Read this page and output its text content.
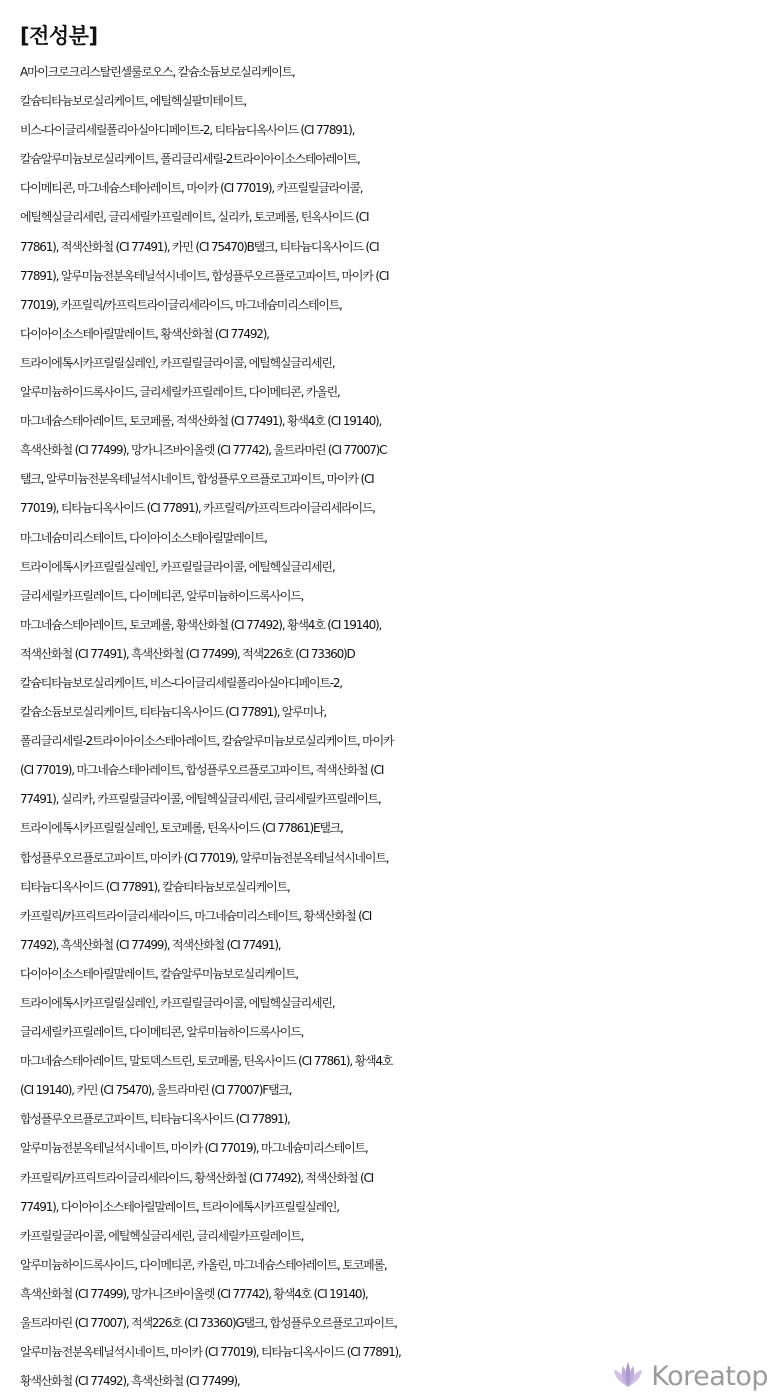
[전성분]
A마이크로크리스탈린셀룰로오스, 칼슘소듐보로실리케이트,
칼슘티타늄보로실리케이트, 에틸헥실팔미테이트,
비스-다이글리세릴폴리아실아디페이트-2, 티타늄디옥사이드 (CI 77891),
칼슘알루미늄보로실리케이트, 폴리글리세릴-2트라이아이소스테아레이트,
다이메티콘, 마그네슘스테아레이트, 마이카 (CI 77019), 카프릴릴글라이콜,
에틸헥실글리세린, 글리세릴카프릴레이트, 실리카, 토코페롤, 틴옥사이드 (CI
77861), 적색산화철 (CI 77491), 카민 (CI 75470)B탤크, 티타늄디옥사이드 (CI
77891), 알루미늄전분옥테닐석시네이트, 합성플루오르플로고파이트, 마이카 (CI
77019), 카프릴릭/카프릭트라이글리세라이드, 마그네슘미리스테이트,
다이아이소스테아릴말레이트, 황색산화철 (CI 77492),
트라이에톡시카프릴릴실레인, 카프릴릴글라이콜, 에틸헥실글리세린,
알루미늄하이드록사이드, 글리세릴카프릴레이트, 다이메티콘, 카올린,
마그네슘스테아레이트, 토코페롤, 적색산화철 (CI 77491), 황색4호 (CI 19140),
흑색산화철 (CI 77499), 망가니즈바이올렛 (CI 77742), 울트라마린 (CI 77007)C
탤크, 알루미늄전분옥테닐석시네이트, 합성플루오르플로고파이트, 마이카 (CI
77019), 티타늄디옥사이드 (CI 77891), 카프릴릭/카프릭트라이글리세라이드,
마그네슘미리스테이트, 다이아이소스테아릴말레이트,
트라이에톡시카프릴릴실레인, 카프릴릴글라이콜, 에틸헥실글리세린,
글리세릴카프릴레이트, 다이메티콘, 알루미늄하이드록사이드,
마그네슘스테아레이트, 토코페롤, 황색산화철 (CI 77492), 황색4호 (CI 19140),
적색산화철 (CI 77491), 흑색산화철 (CI 77499), 적색226호 (CI 73360)D
칼슘티타늄보로실리케이트, 비스-다이글리세릴폴리아실아디페이트-2,
칼슘소듐보로실리케이트, 티타늄디옥사이드 (CI 77891), 알루미나,
폴리글리세릴-2트라이아이소스테아레이트, 칼슘알루미늄보로실리케이트, 마이카
(CI 77019), 마그네슘스테아레이트, 합성플루오르플로고파이트, 적색산화철 (CI
77491), 실리카, 카프릴릴글라이콜, 에틸헥실글리세린, 글리세릴카프릴레이트,
트라이에톡시카프릴릴실레인, 토코페롤, 틴옥사이드 (CI 77861)E탤크,
합성플루오르플로고파이트, 마이카 (CI 77019), 알루미늄전분옥테닐석시네이트,
티타늄디옥사이드 (CI 77891), 칼슘티타늄보로실리케이트,
카프릴릭/카프릭트라이글리세라이드, 마그네슘미리스테이트, 황색산화철 (CI
77492), 흑색산화철 (CI 77499), 적색산화철 (CI 77491),
다이아이소스테아릴말레이트, 칼슘알루미늄보로실리케이트,
트라이에톡시카프릴릴실레인, 카프릴릴글라이콜, 에틸헥실글리세린,
글리세릴카프릴레이트, 다이메티콘, 알루미늄하이드록사이드,
마그네슘스테아레이트, 말토덱스트린, 토코페롤, 틴옥사이드 (CI 77861), 황색4호
(CI 19140), 카민 (CI 75470), 울트라마린 (CI 77007)F탤크,
합성플루오르플로고파이트, 티타늄디옥사이드 (CI 77891),
알루미늄전분옥테닐석시네이트, 마이카 (CI 77019), 마그네슘미리스테이트,
카프릴릭/카프릭트라이글리세라이드, 황색산화철 (CI 77492), 적색산화철 (CI
77491), 다이아이소스테아릴말레이트, 트라이에톡시카프릴릴실레인,
카프릴릴글라이콜, 에틸헥실글리세린, 글리세릴카프릴레이트,
알루미늄하이드록사이드, 다이메티콘, 카올린, 마그네슘스테아레이트, 토코페롤,
흑색산화철 (CI 77499), 망가니즈바이올렛 (CI 77742), 황색4호 (CI 19140),
울트라마린 (CI 77007), 적색226호 (CI 73360)G탤크, 합성플루오르플로고파이트,
알루미늄전분옥테닐석시네이트, 마이카 (CI 77019), 티타늄디옥사이드 (CI 77891),
황색산화철 (CI 77492), 흑색산화철 (CI 77499),	Koreatop
